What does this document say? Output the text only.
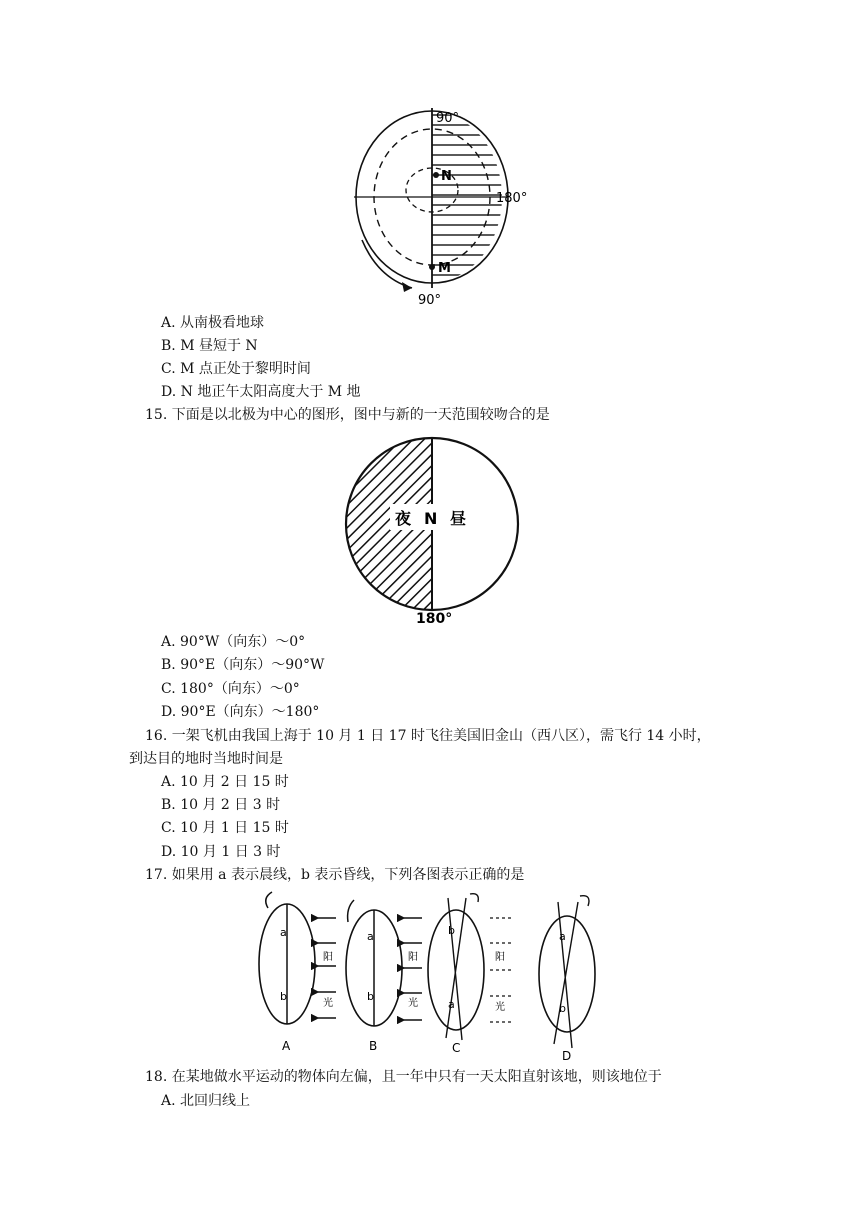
90°
180°
90°
N
M
A. 从南极看地球
B. M 昼短于 N
C. M 点正处于黎明时间
D. N 地正午太阳高度大于 M 地
15. 下面是以北极为中心的图形，图中与新的一天范围较吻合的是
夜 N 昼
180°
A. 90°W（向东）～0°
B. 90°E（向东）～90°W
C. 180°（向东）～0°
D. 90°E（向东）～180°
16. 一架飞机由我国上海于 10 月 1 日 17 时飞往美国旧金山（西八区），需飞行 14 小时，
到达目的地时当地时间是
A. 10 月 2 日 15 时
B. 10 月 2 日 3 时
C. 10 月 1 日 15 时
D. 10 月 1 日 3 时
17. 如果用 a 表示晨线，b 表示昏线，下列各图表示正确的是
a
b
阳
光
A
a
b
阳
光
B
b
a
阳
光
C
a
b
D
18. 在某地做水平运动的物体向左偏，且一年中只有一天太阳直射该地，则该地位于
A. 北回归线上
